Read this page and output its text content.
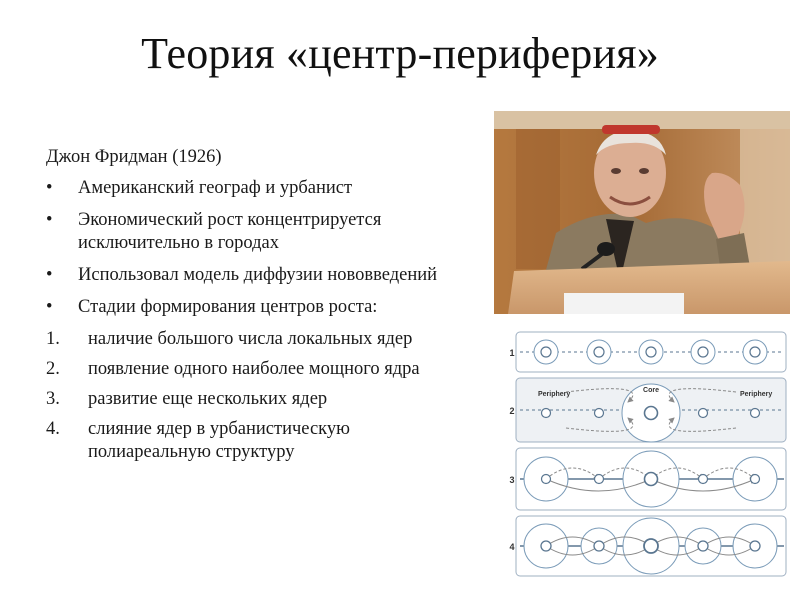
Теория «центр-периферия»

Джон Фридман (1926)

• Американский географ и урбанист
• Экономический рост концентрируется исключительно в городах
• Использовал модель диффузии нововведений
• Стадии формирования центров роста:
1. наличие большого числа локальных ядер
2. появление одного наиболее мощного ядра
3. развитие еще нескольких ядер
4. слияние ядер в урбанистическую полиареальную структуру
1
2
Periphery	Periphery
Core
3
4
